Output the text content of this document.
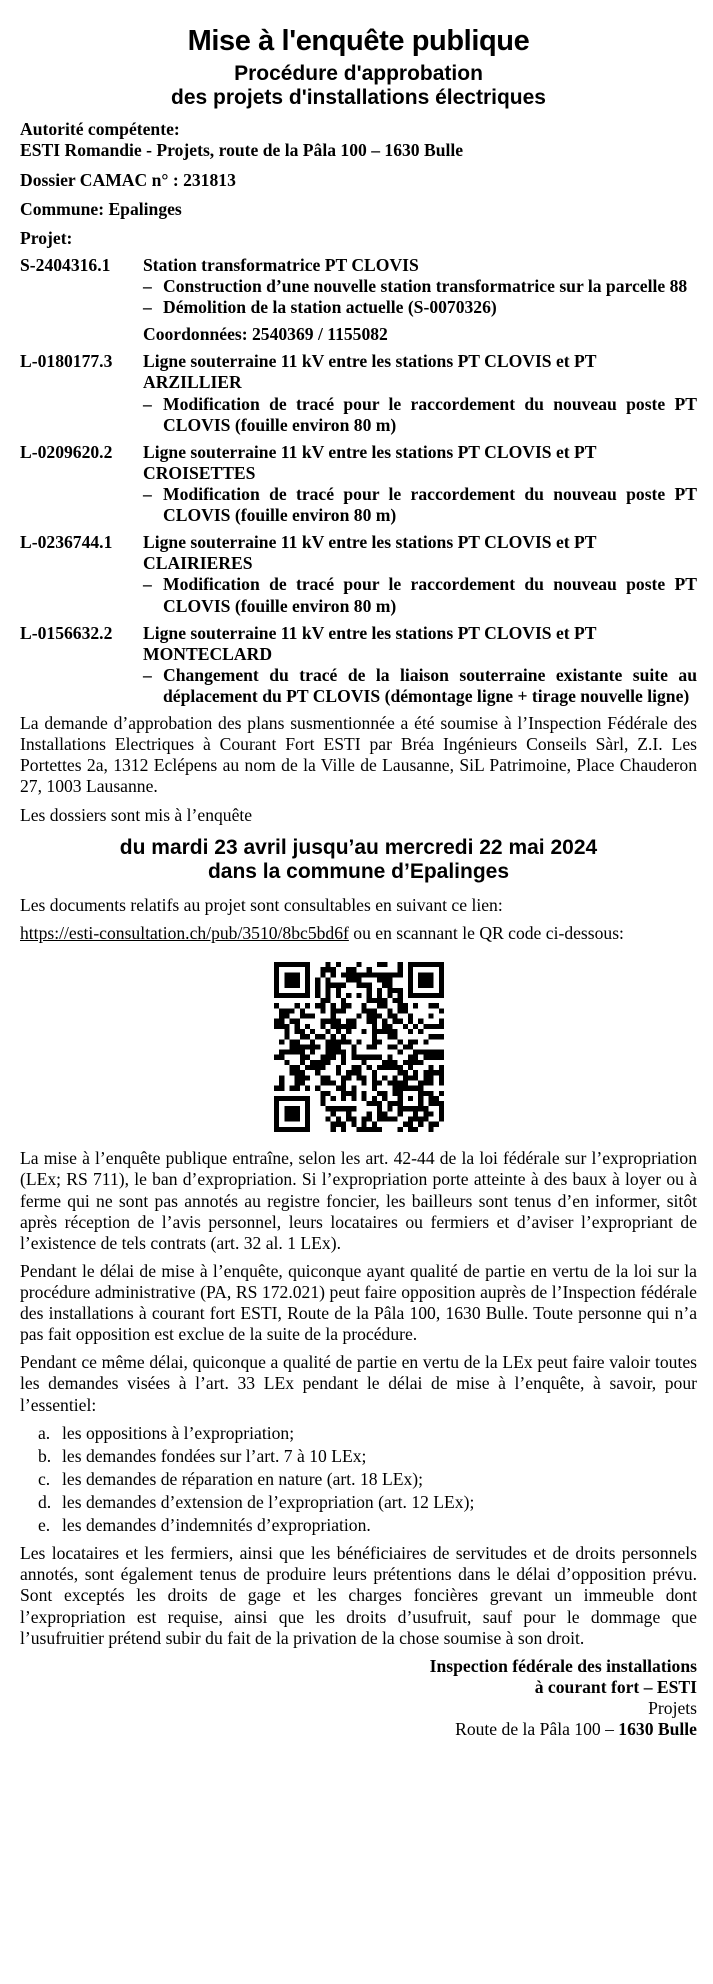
Mise à l'enquête publique
Procédure d'approbation
des projets d'installations électriques
Autorité compétente:
ESTI Romandie - Projets, route de la Pâla 100 – 1630 Bulle
Dossier CAMAC n° : 231813
Commune: Epalinges
Projet:
S-2404316.1	Station transformatrice PT CLOVIS
– Construction d’une nouvelle station transformatrice sur la parcelle 88
– Démolition de la station actuelle (S-0070326)
Coordonnées: 2540369 / 1155082
L-0180177.3	Ligne souterraine 11 kV entre les stations PT CLOVIS et PT ARZILLIER
– Modification de tracé pour le raccordement du nouveau poste PT CLOVIS (fouille environ 80 m)
L-0209620.2	Ligne souterraine 11 kV entre les stations PT CLOVIS et PT CROISETTES
– Modification de tracé pour le raccordement du nouveau poste PT CLOVIS (fouille environ 80 m)
L-0236744.1	Ligne souterraine 11 kV entre les stations PT CLOVIS et PT CLAIRIERES
– Modification de tracé pour le raccordement du nouveau poste PT CLOVIS (fouille environ 80 m)
L-0156632.2	Ligne souterraine 11 kV entre les stations PT CLOVIS et PT MONTECLARD
– Changement du tracé de la liaison souterraine existante suite au déplacement du PT CLOVIS (démontage ligne + tirage nouvelle ligne)

La demande d’approbation des plans susmentionnée a été soumise à l’Inspection Fédérale des Installations Electriques à Courant Fort ESTI par Bréa Ingénieurs Conseils Sàrl, Z.I. Les Portettes 2a, 1312 Eclépens au nom de la Ville de Lausanne, SiL Patrimoine, Place Chauderon 27, 1003 Lausanne.

Les dossiers sont mis à l’enquête

du mardi 23 avril jusqu’au mercredi 22 mai 2024
dans la commune d’Epalinges

Les documents relatifs au projet sont consultables en suivant ce lien:

https://esti-consultation.ch/pub/3510/8bc5bd6f ou en scannant le QR code ci-dessous:

La mise à l’enquête publique entraîne, selon les art. 42-44 de la loi fédérale sur l’expropriation (LEx; RS 711), le ban d’expropriation. Si l’expropriation porte atteinte à des baux à loyer ou à ferme qui ne sont pas annotés au registre foncier, les bailleurs sont tenus d’en informer, sitôt après réception de l’avis personnel, leurs locataires ou fermiers et d’aviser l’expropriant de l’existence de tels contrats (art. 32 al. 1 LEx).

Pendant le délai de mise à l’enquête, quiconque ayant qualité de partie en vertu de la loi sur la procédure administrative (PA, RS 172.021) peut faire opposition auprès de l’Inspection fédérale des installations à courant fort ESTI, Route de la Pâla 100, 1630 Bulle. Toute personne qui n’a pas fait opposition est exclue de la suite de la procédure.

Pendant ce même délai, quiconque a qualité de partie en vertu de la LEx peut faire valoir toutes les demandes visées à l’art. 33 LEx pendant le délai de mise à l’enquête, à savoir, pour l’essentiel:

a. les oppositions à l’expropriation;
b. les demandes fondées sur l’art. 7 à 10 LEx;
c. les demandes de réparation en nature (art. 18 LEx);
d. les demandes d’extension de l’expropriation (art. 12 LEx);
e. les demandes d’indemnités d’expropriation.

Les locataires et les fermiers, ainsi que les bénéficiaires de servitudes et de droits personnels annotés, sont également tenus de produire leurs prétentions dans le délai d’opposition prévu. Sont exceptés les droits de gage et les charges foncières grevant un immeuble dont l’expropriation est requise, ainsi que les droits d’usufruit, sauf pour le dommage que l’usufruitier prétend subir du fait de la privation de la chose soumise à son droit.

Inspection fédérale des installations
à courant fort – ESTI
Projets
Route de la Pâla 100 – 1630 Bulle
